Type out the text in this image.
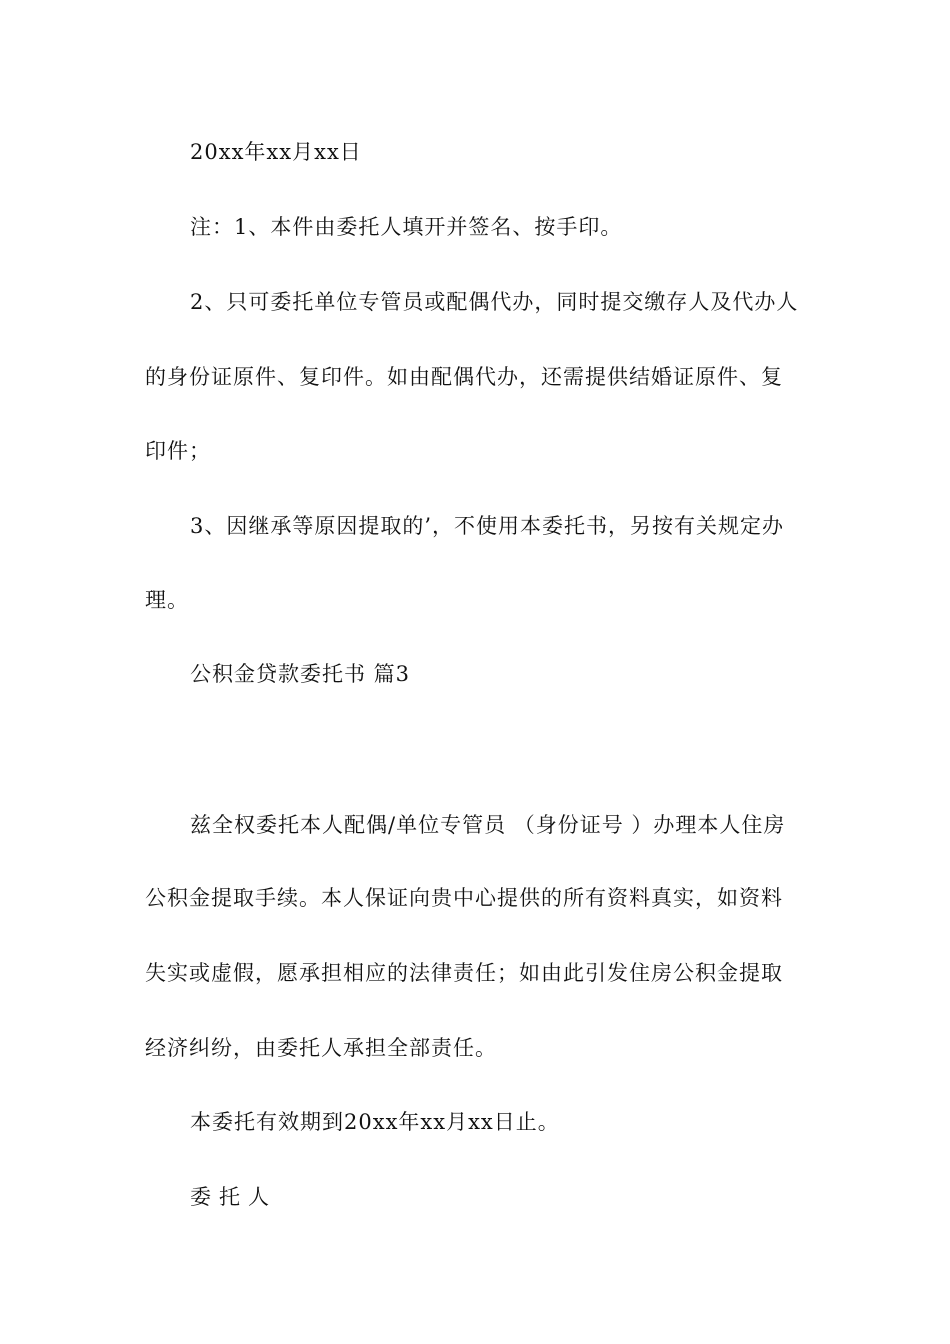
20xx年xx月xx日
注：1、本件由委托人填开并签名、按手印。
2、只可委托单位专管员或配偶代办，同时提交缴存人及代办人
的身份证原件、复印件。如由配偶代办，还需提供结婚证原件、复
印件；
3、因继承等原因提取的’，不使用本委托书，另按有关规定办
理。
公积金贷款委托书 篇3
兹全权委托本人配偶/单位专管员 （身份证号 ）办理本人住房
公积金提取手续。本人保证向贵中心提供的所有资料真实，如资料
失实或虚假，愿承担相应的法律责任；如由此引发住房公积金提取
经济纠纷，由委托人承担全部责任。
本委托有效期到20xx年xx月xx日止。
委托人
